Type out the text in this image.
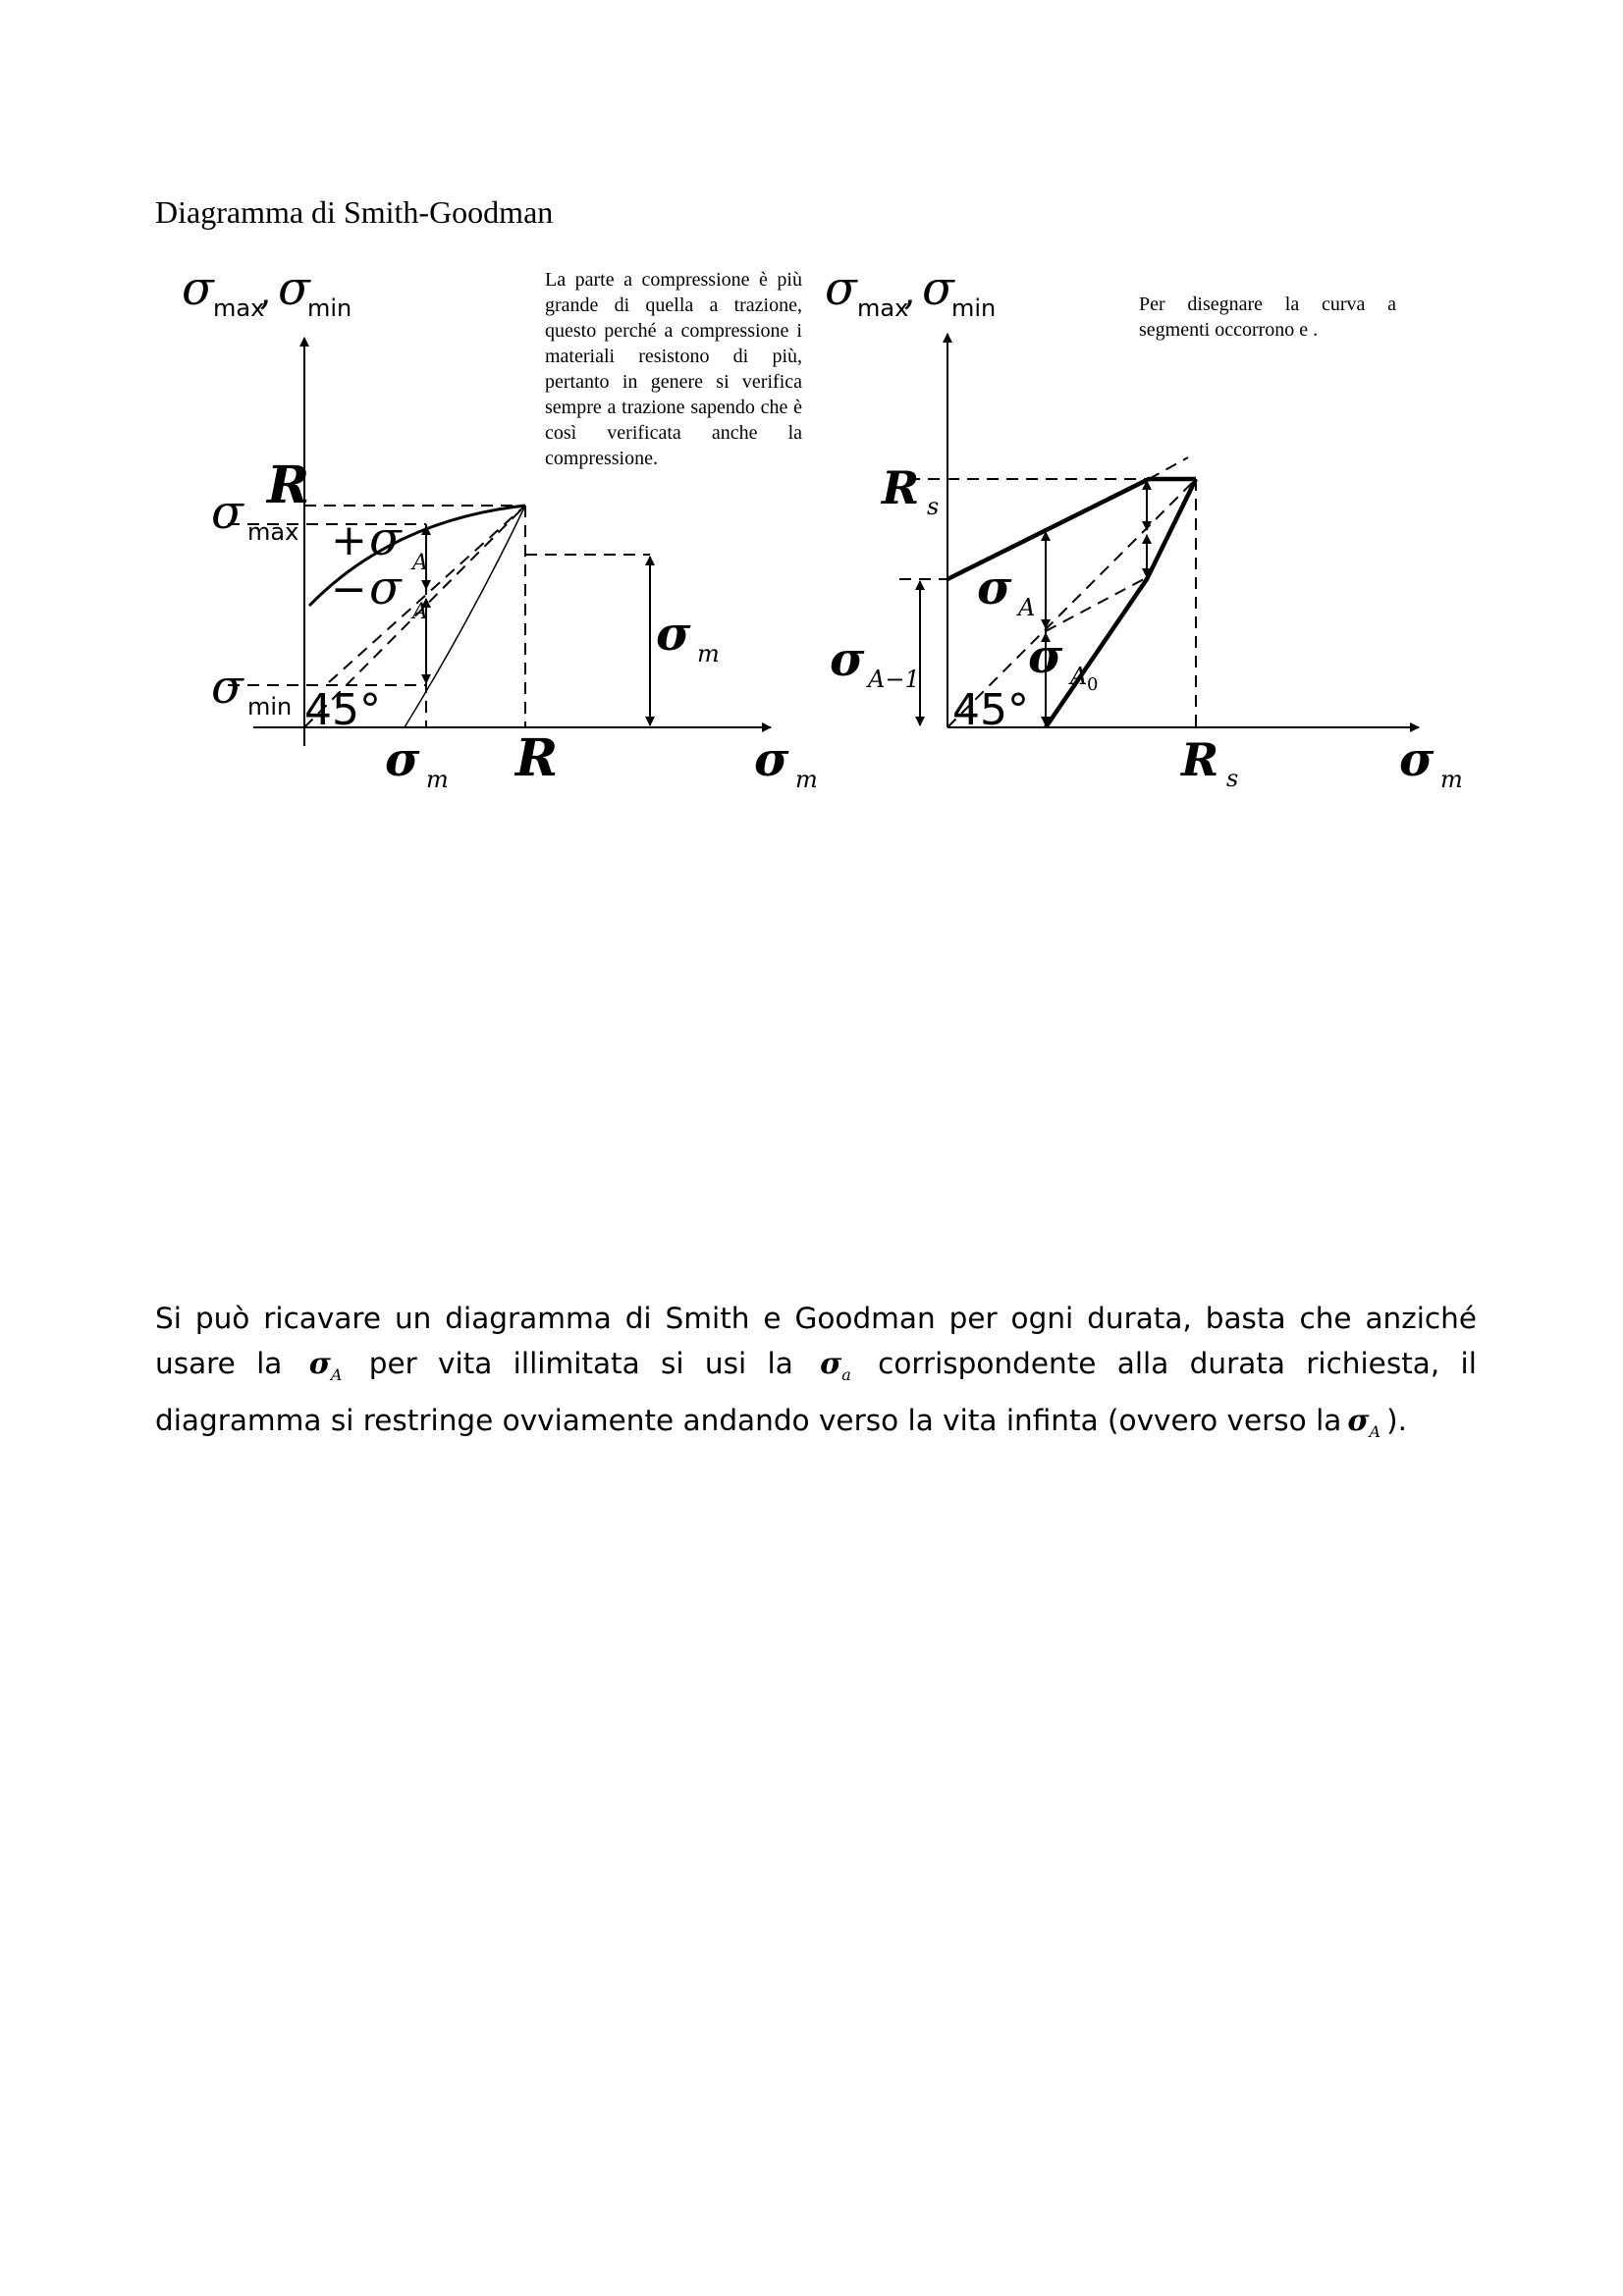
Diagramma di Smith-Goodman
La parte a compressione è più grande di quella a trazione, questo perché a compressione i materiali resistono di più, pertanto in genere si verifica sempre a trazione sapendo che è così verificata anche la compressione.
Per disegnare la curva a segmenti occorrono e .
σ max
, σ
min
R
σ max + σ A
− σ A
σ min 45°
σ m
σ m R	σ m
σ max
, σ
min
R s
σ A
σ A 0
σ A−1
45°
R s	σ m
Si può ricavare un diagramma di Smith e Goodman per ogni durata, basta che anziché usare la $\sigma_A$ per vita illimitata si usi la $\sigma_a$ corrispondente alla durata richiesta, il diagramma si restringe ovviamente andando verso la vita infinta (ovvero verso la $\sigma_A$ ).
